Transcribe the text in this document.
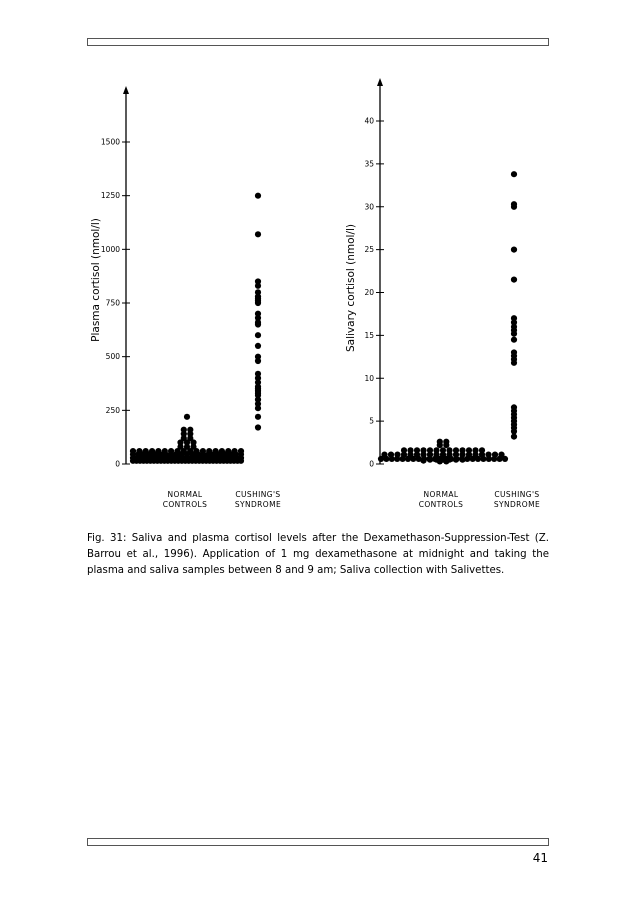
0
250
500
750
1000
1250
1500
Plasma cortisol (nmol/l)
NORMAL
CONTROLS
CUSHING'S
SYNDROME
0
5
10
15
20
25
30
35
40
Salivary cortisol (nmol/l)
NORMAL
CONTROLS
CUSHING'S
SYNDROME

Fig. 31: Saliva and plasma cortisol levels after the Dexamethason-Suppression-Test (Z. Barrou et al., 1996). Application of 1 mg dexamethasone at midnight and taking the plasma and saliva samples between 8 and 9 am; Saliva collection with Salivettes.

41
